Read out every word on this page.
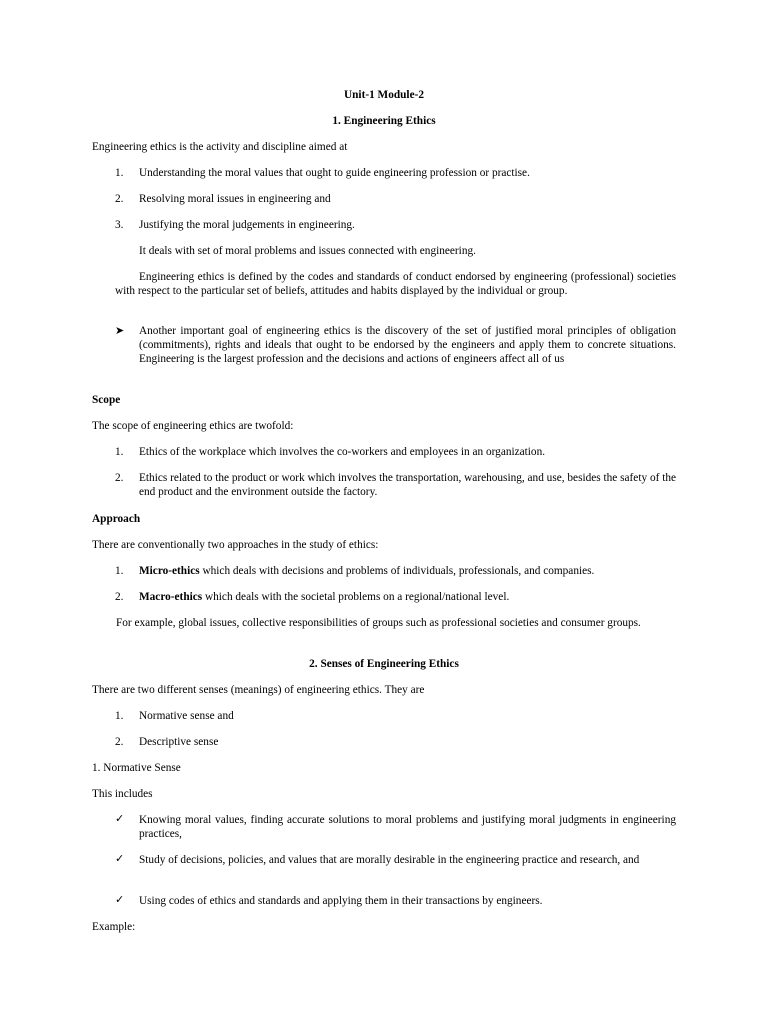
Unit-1 Module-2
1. Engineering Ethics
Engineering ethics is the activity and discipline aimed at
1. Understanding the moral values that ought to guide engineering profession or practise.
2. Resolving moral issues in engineering and
3. Justifying the moral judgements in engineering.
It deals with set of moral problems and issues connected with engineering.
Engineering ethics is defined by the codes and standards of conduct endorsed by engineering (professional) societies with respect to the particular set of beliefs, attitudes and habits displayed by the individual or group.
➤ Another important goal of engineering ethics is the discovery of the set of justified moral principles of obligation (commitments), rights and ideals that ought to be endorsed by the engineers and apply them to concrete situations. Engineering is the largest profession and the decisions and actions of engineers affect all of us
Scope
The scope of engineering ethics are twofold:
1. Ethics of the workplace which involves the co-workers and employees in an organization.
2. Ethics related to the product or work which involves the transportation, warehousing, and use, besides the safety of the end product and the environment outside the factory.
Approach
There are conventionally two approaches in the study of ethics:
1. Micro-ethics which deals with decisions and problems of individuals, professionals, and companies.
2. Macro-ethics which deals with the societal problems on a regional/national level.
For example, global issues, collective responsibilities of groups such as professional societies and consumer groups.
2. Senses of Engineering Ethics
There are two different senses (meanings) of engineering ethics. They are
1. Normative sense and
2. Descriptive sense
1. Normative Sense
This includes
✓ Knowing moral values, finding accurate solutions to moral problems and justifying moral judgments in engineering practices,
✓ Study of decisions, policies, and values that are morally desirable in the engineering practice and research, and
✓ Using codes of ethics and standards and applying them in their transactions by engineers.
Example:
